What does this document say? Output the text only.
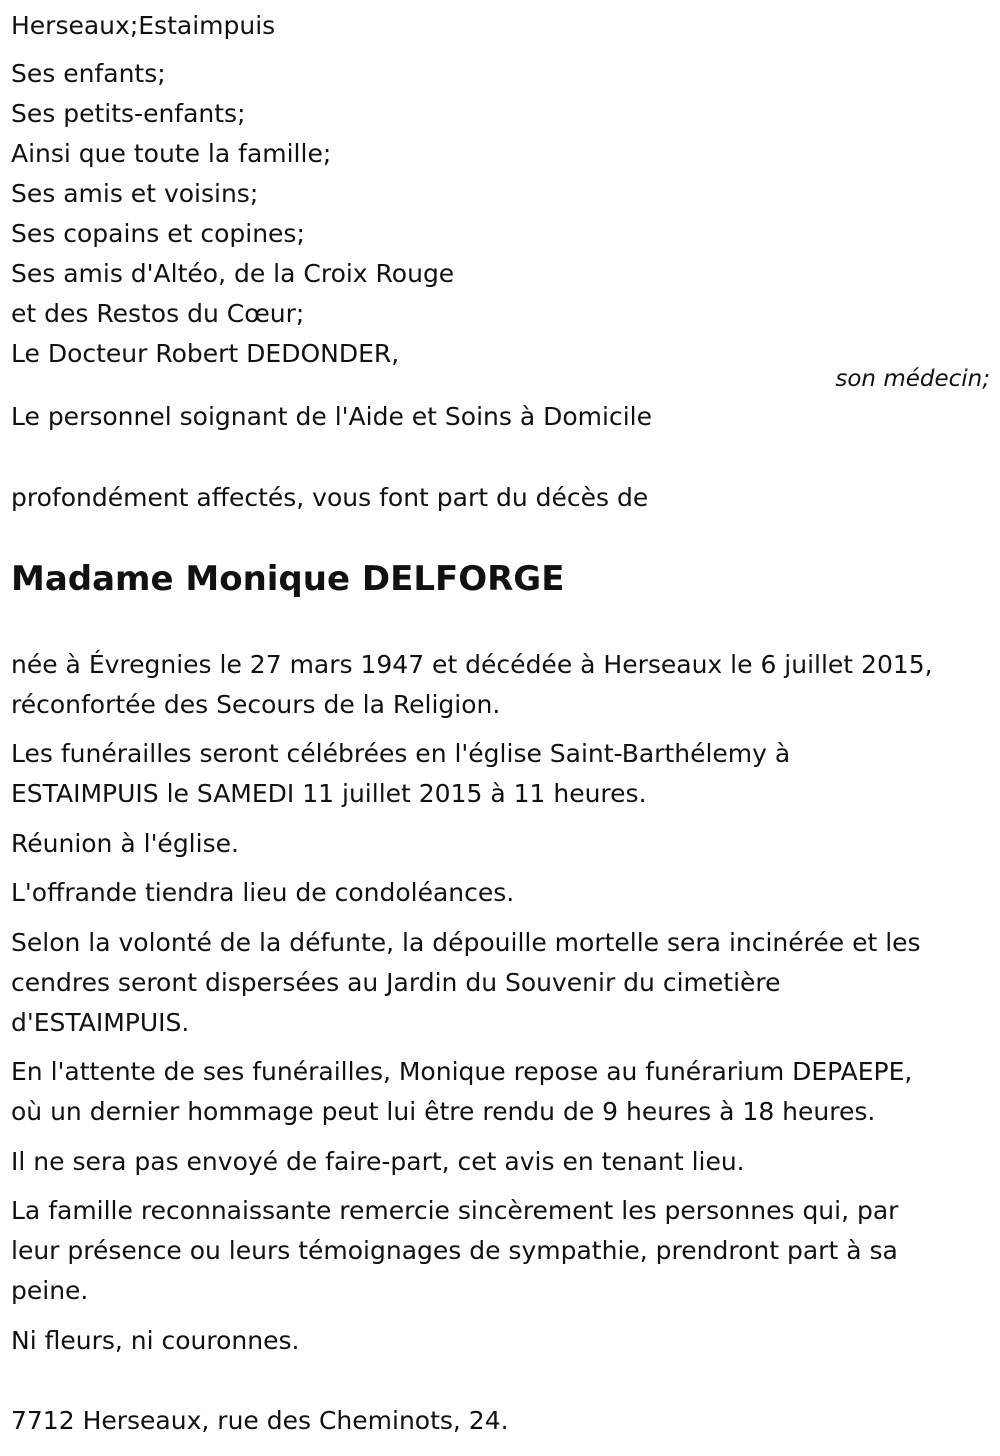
Herseaux;Estaimpuis
Ses enfants;
Ses petits-enfants;
Ainsi que toute la famille;
Ses amis et voisins;
Ses copains et copines;
Ses amis d'Altéo, de la Croix Rouge
et des Restos du Cœur;
Le Docteur Robert DEDONDER,
son médecin;
Le personnel soignant de l'Aide et Soins à Domicile
profondément affectés, vous font part du décès de
Madame Monique DELFORGE
née à Évregnies le 27 mars 1947 et décédée à Herseaux le 6 juillet 2015,
réconfortée des Secours de la Religion.
Les funérailles seront célébrées en l'église Saint-Barthélemy à
ESTAIMPUIS le SAMEDI 11 juillet 2015 à 11 heures.
Réunion à l'église.
L'offrande tiendra lieu de condoléances.
Selon la volonté de la défunte, la dépouille mortelle sera incinérée et les
cendres seront dispersées au Jardin du Souvenir du cimetière
d'ESTAIMPUIS.
En l'attente de ses funérailles, Monique repose au funérarium DEPAEPE,
où un dernier hommage peut lui être rendu de 9 heures à 18 heures.
Il ne sera pas envoyé de faire-part, cet avis en tenant lieu.
La famille reconnaissante remercie sincèrement les personnes qui, par
leur présence ou leurs témoignages de sympathie, prendront part à sa
peine.
Ni fleurs, ni couronnes.
7712 Herseaux, rue des Cheminots, 24.
